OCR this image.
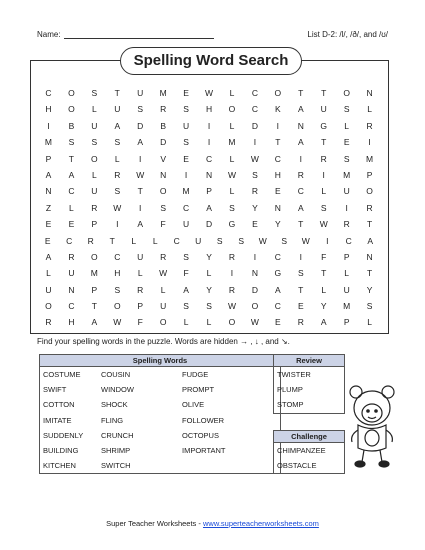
Name:	List D-2: /l/, /ð/, and /ʊ/
Spelling Word Search
C	O	S	T	U	M	E	W	L	C	O	T	T	O	N
H	O	L	U	S	R	S	H	O	C	K	A	U	S	L
I	B	U	A	D	B	U	I	L	D	I	N	G	L	R
M	S	S	S	A	D	S	I	M	I	T	A	T	E	I
P	T	O	L	I	V	E	C	L	W	C	I	R	S	M
A	A	L	R	W	N	I	N	W	S	H	R	I	M	P
N	C	U	S	T	O	M	P	L	R	E	C	L	U	O
Z	L	R	W	I	S	C	A	S	Y	N	A	S	I	R
E	E	P	I	A	F	U	D	G	E	Y	T	W	R	T
E	C	R	T	L	L	C	U	S	S	W	S	W	I	C	A
A	R	O	C	U	R	S	Y	R	I	C	I	F	P	N
L	U	M	H	L	W	F	L	I	N	G	S	T	L	T
U	N	P	S	R	L	A	Y	R	D	A	T	L	U	Y
O	C	T	O	P	U	S	S	W	O	C	E	Y	M	S
R	H	A	W	F	O	L	L	O	W	E	R	A	P	L
Find your spelling words in the puzzle. Words are hidden → , ↓ , and ↘.
Spelling Words		
COSTUME	COUSIN	FUDGE
SWIFT	WINDOW	PROMPT
COTTON	SHOCK	OLIVE
IMITATE	FLING	FOLLOWER
SUDDENLY	CRUNCH	OCTOPUS
BUILDING	SHRIMP	IMPORTANT
KITCHEN	SWITCH	
Review
TWISTER
PLUMP
STOMP
Challenge
CHIMPANZEE
OBSTACLE
Super Teacher Worksheets - www.superteacherworksheets.com
